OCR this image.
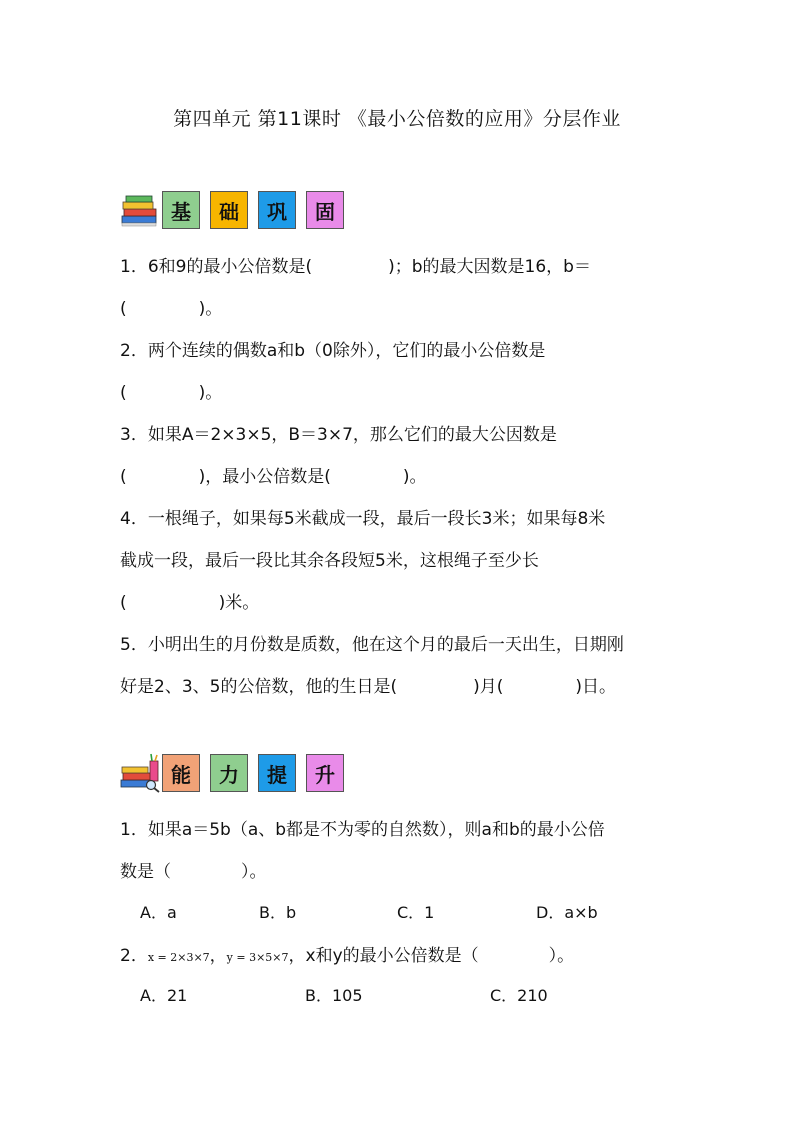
第四单元 第11课时 《最小公倍数的应用》分层作业
基	础	巩	固
1．6和9的最小公倍数是(	)；b的最大因数是16，b＝
(	)。
2．两个连续的偶数a和b（0除外），它们的最小公倍数是
(	)。
3．如果A＝2×3×5，B＝3×7，那么它们的最大公因数是
(	)，最小公倍数是(	)。
4．一根绳子，如果每5米截成一段，最后一段长3米；如果每8米
截成一段，最后一段比其余各段短5米，这根绳子至少长
(	)米。
5．小明出生的月份数是质数，他在这个月的最后一天出生，日期刚
好是2、3、5的公倍数，他的生日是(	)月(	)日。
能	力	提	升
1．如果a＝5b（a、b都是不为零的自然数），则a和b的最小公倍
数是（	）。
A．a	B．b	C．1	D．a×b
2．x = 2×3×7，y = 3×5×7，x和y的最小公倍数是（	）。
A．21	B．105	C．210
